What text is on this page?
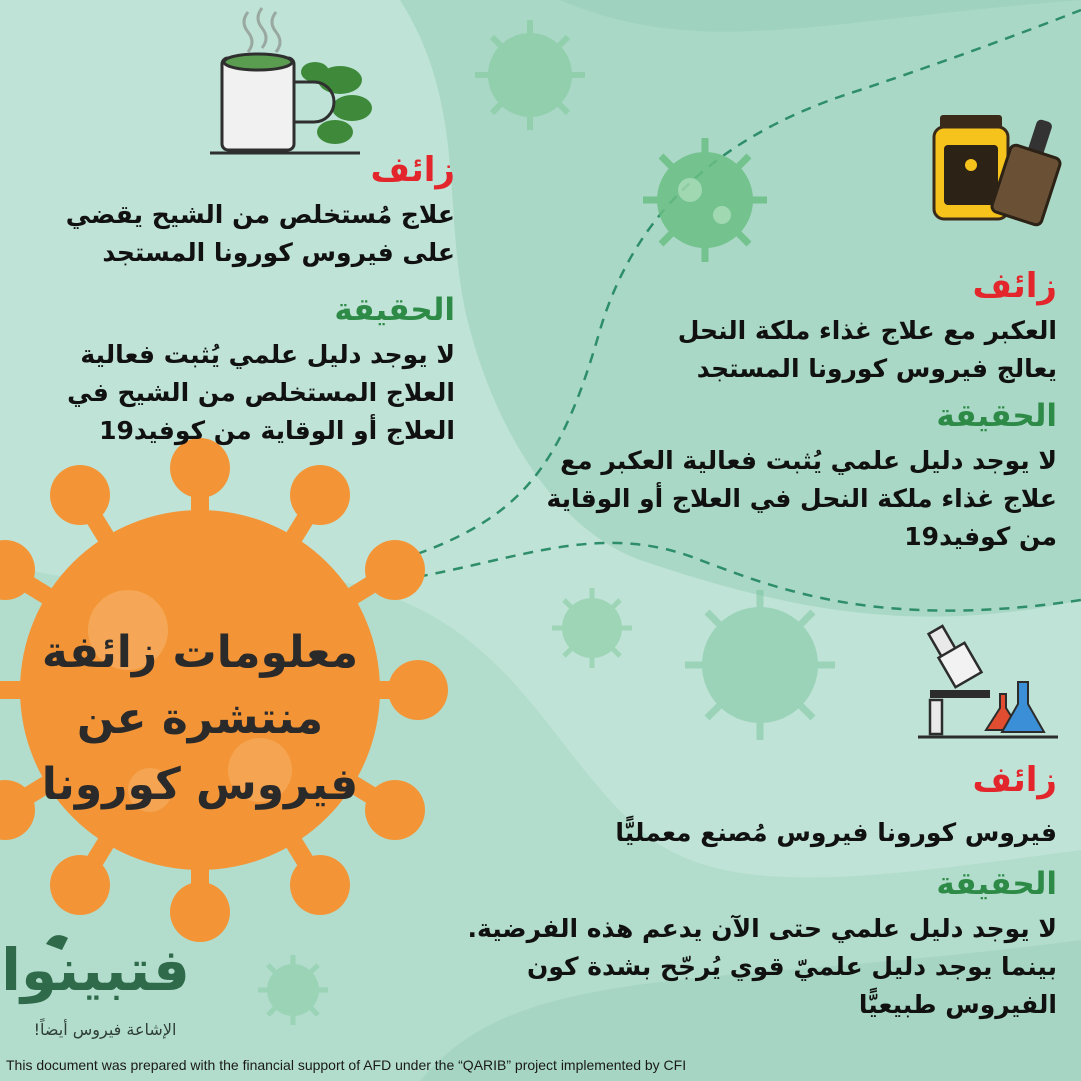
زائف
علاج مُستخلص من الشيح يقضي
على فيروس كورونا المستجد
الحقيقة
لا يوجد دليل علمي يُثبت فعالية
العلاج المستخلص من الشيح في
العلاج أو الوقاية من كوفيد19
زائف
العكبر مع علاج غذاء ملكة النحل
يعالج فيروس كورونا المستجد
الحقيقة
لا يوجد دليل علمي يُثبت فعالية العكبر مع
علاج غذاء ملكة النحل في العلاج أو الوقاية
من كوفيد19
زائف
فيروس كورونا فيروس مُصنع معمليًّا
الحقيقة
لا يوجد دليل علمي حتى الآن يدعم هذه الفرضية.
بينما يوجد دليل علميّ قوي يُرجّح بشدة كون
الفيروس طبيعيًّا
معلومات زائفة
منتشرة عن
فيروس كورونا
فتبينوا
الإشاعة فيروس أيضاً!
This document was prepared with the financial support of AFD under the “QARIB” project implemented by CFI
